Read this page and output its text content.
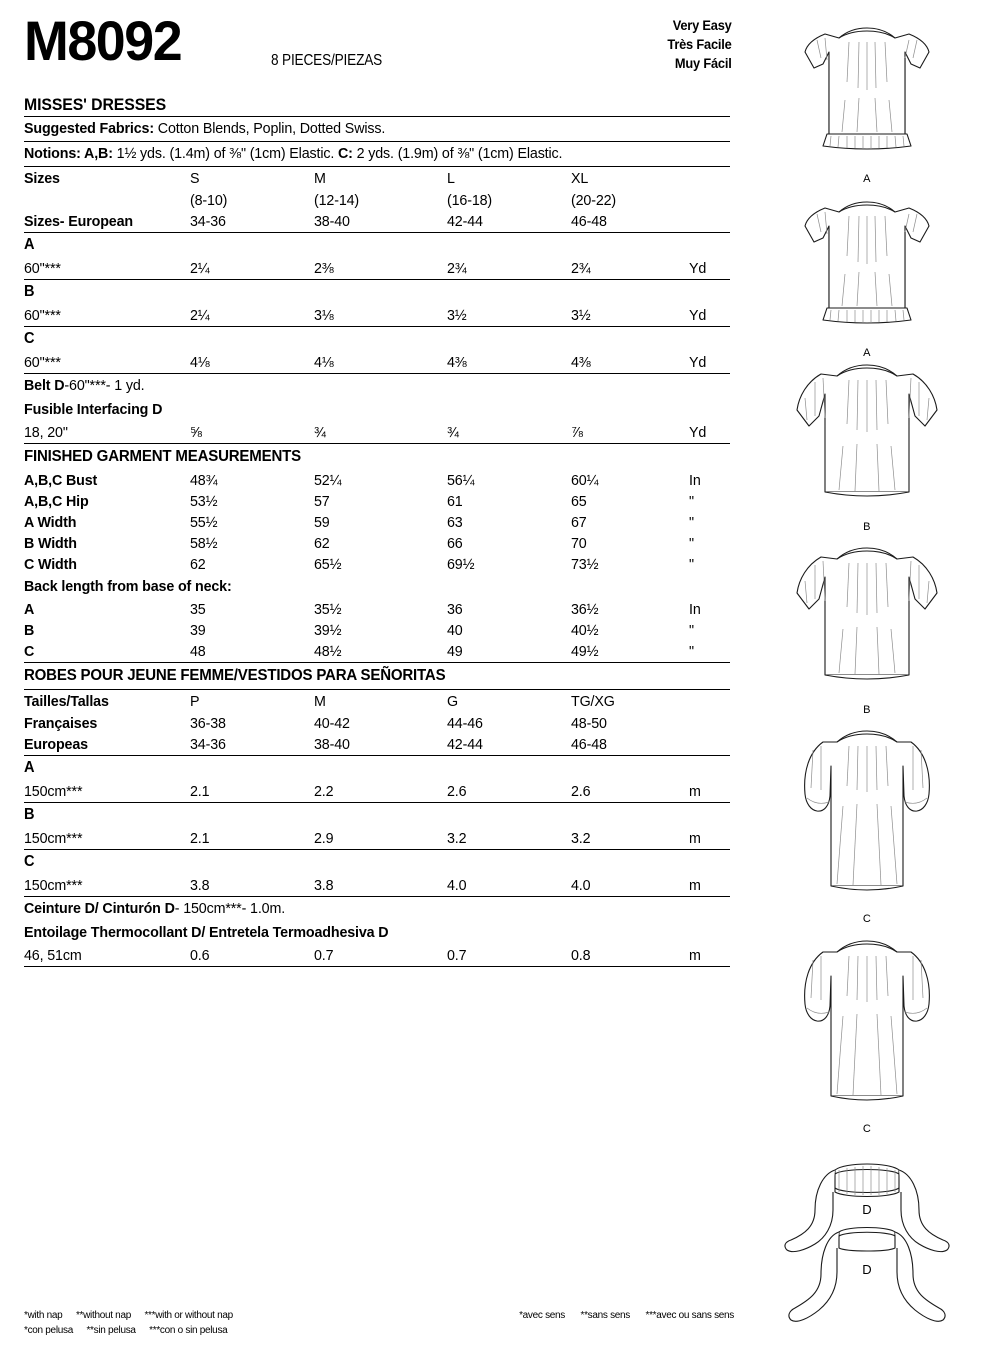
M8092	8 PIECES/PIEZAS
MISSES' DRESSES
Suggested Fabrics: Cotton Blends, Poplin, Dotted Swiss.
Notions: A,B: 1½ yds. (1.4m) of ⅜" (1cm) Elastic. C: 2 yds. (1.9m) of ⅜" (1cm) Elastic.
Sizes	S	M	L	XL
(8-10)	(12-14)	(16-18)	(20-22)
Sizes- European	34-36	38-40	42-44	46-48
A
60"***	2¼	2⅜	2¾	2¾	Yd
B
60"***	2¼	3⅛	3½	3½	Yd
C
60"***	4⅛	4⅛	4⅜	4⅜	Yd
Belt D-60"***- 1 yd.
Fusible Interfacing D
18, 20"	⅝	¾	¾	⅞	Yd
FINISHED GARMENT MEASUREMENTS
A,B,C Bust	48¾	52¼	56¼	60¼	In
A,B,C Hip	53½	57	61	65	"
A Width	55½	59	63	67	"
B Width	58½	62	66	70	"
C Width	62	65½	69½	73½	"
Back length from base of neck:
A	35	35½	36	36½	In
B	39	39½	40	40½	"
C	48	48½	49	49½	"
ROBES POUR JEUNE FEMME/VESTIDOS PARA SEÑORITAS
Tailles/Tallas	P	M	G	TG/XG
Françaises	36-38	40-42	44-46	48-50
Europeas	34-36	38-40	42-44	46-48
A
150cm***	2.1	2.2	2.6	2.6	m
B
150cm***	2.1	2.9	3.2	3.2	m
C
150cm***	3.8	3.8	4.0	4.0	m
Ceinture D/ Cinturón D- 150cm***- 1.0m.
Entoilage Thermocollant D/ Entretela Termoadhesiva D
46, 51cm	0.6	0.7	0.7	0.8	m
*with nap **without nap ***with or without nap	*avec sens **sans sens ***avec ou sans sens
*con pelusa **sin pelusa ***con o sin pelusa
Very Easy
Très Facile
Muy Fácil
A
A
B
B
C
C
D
D
